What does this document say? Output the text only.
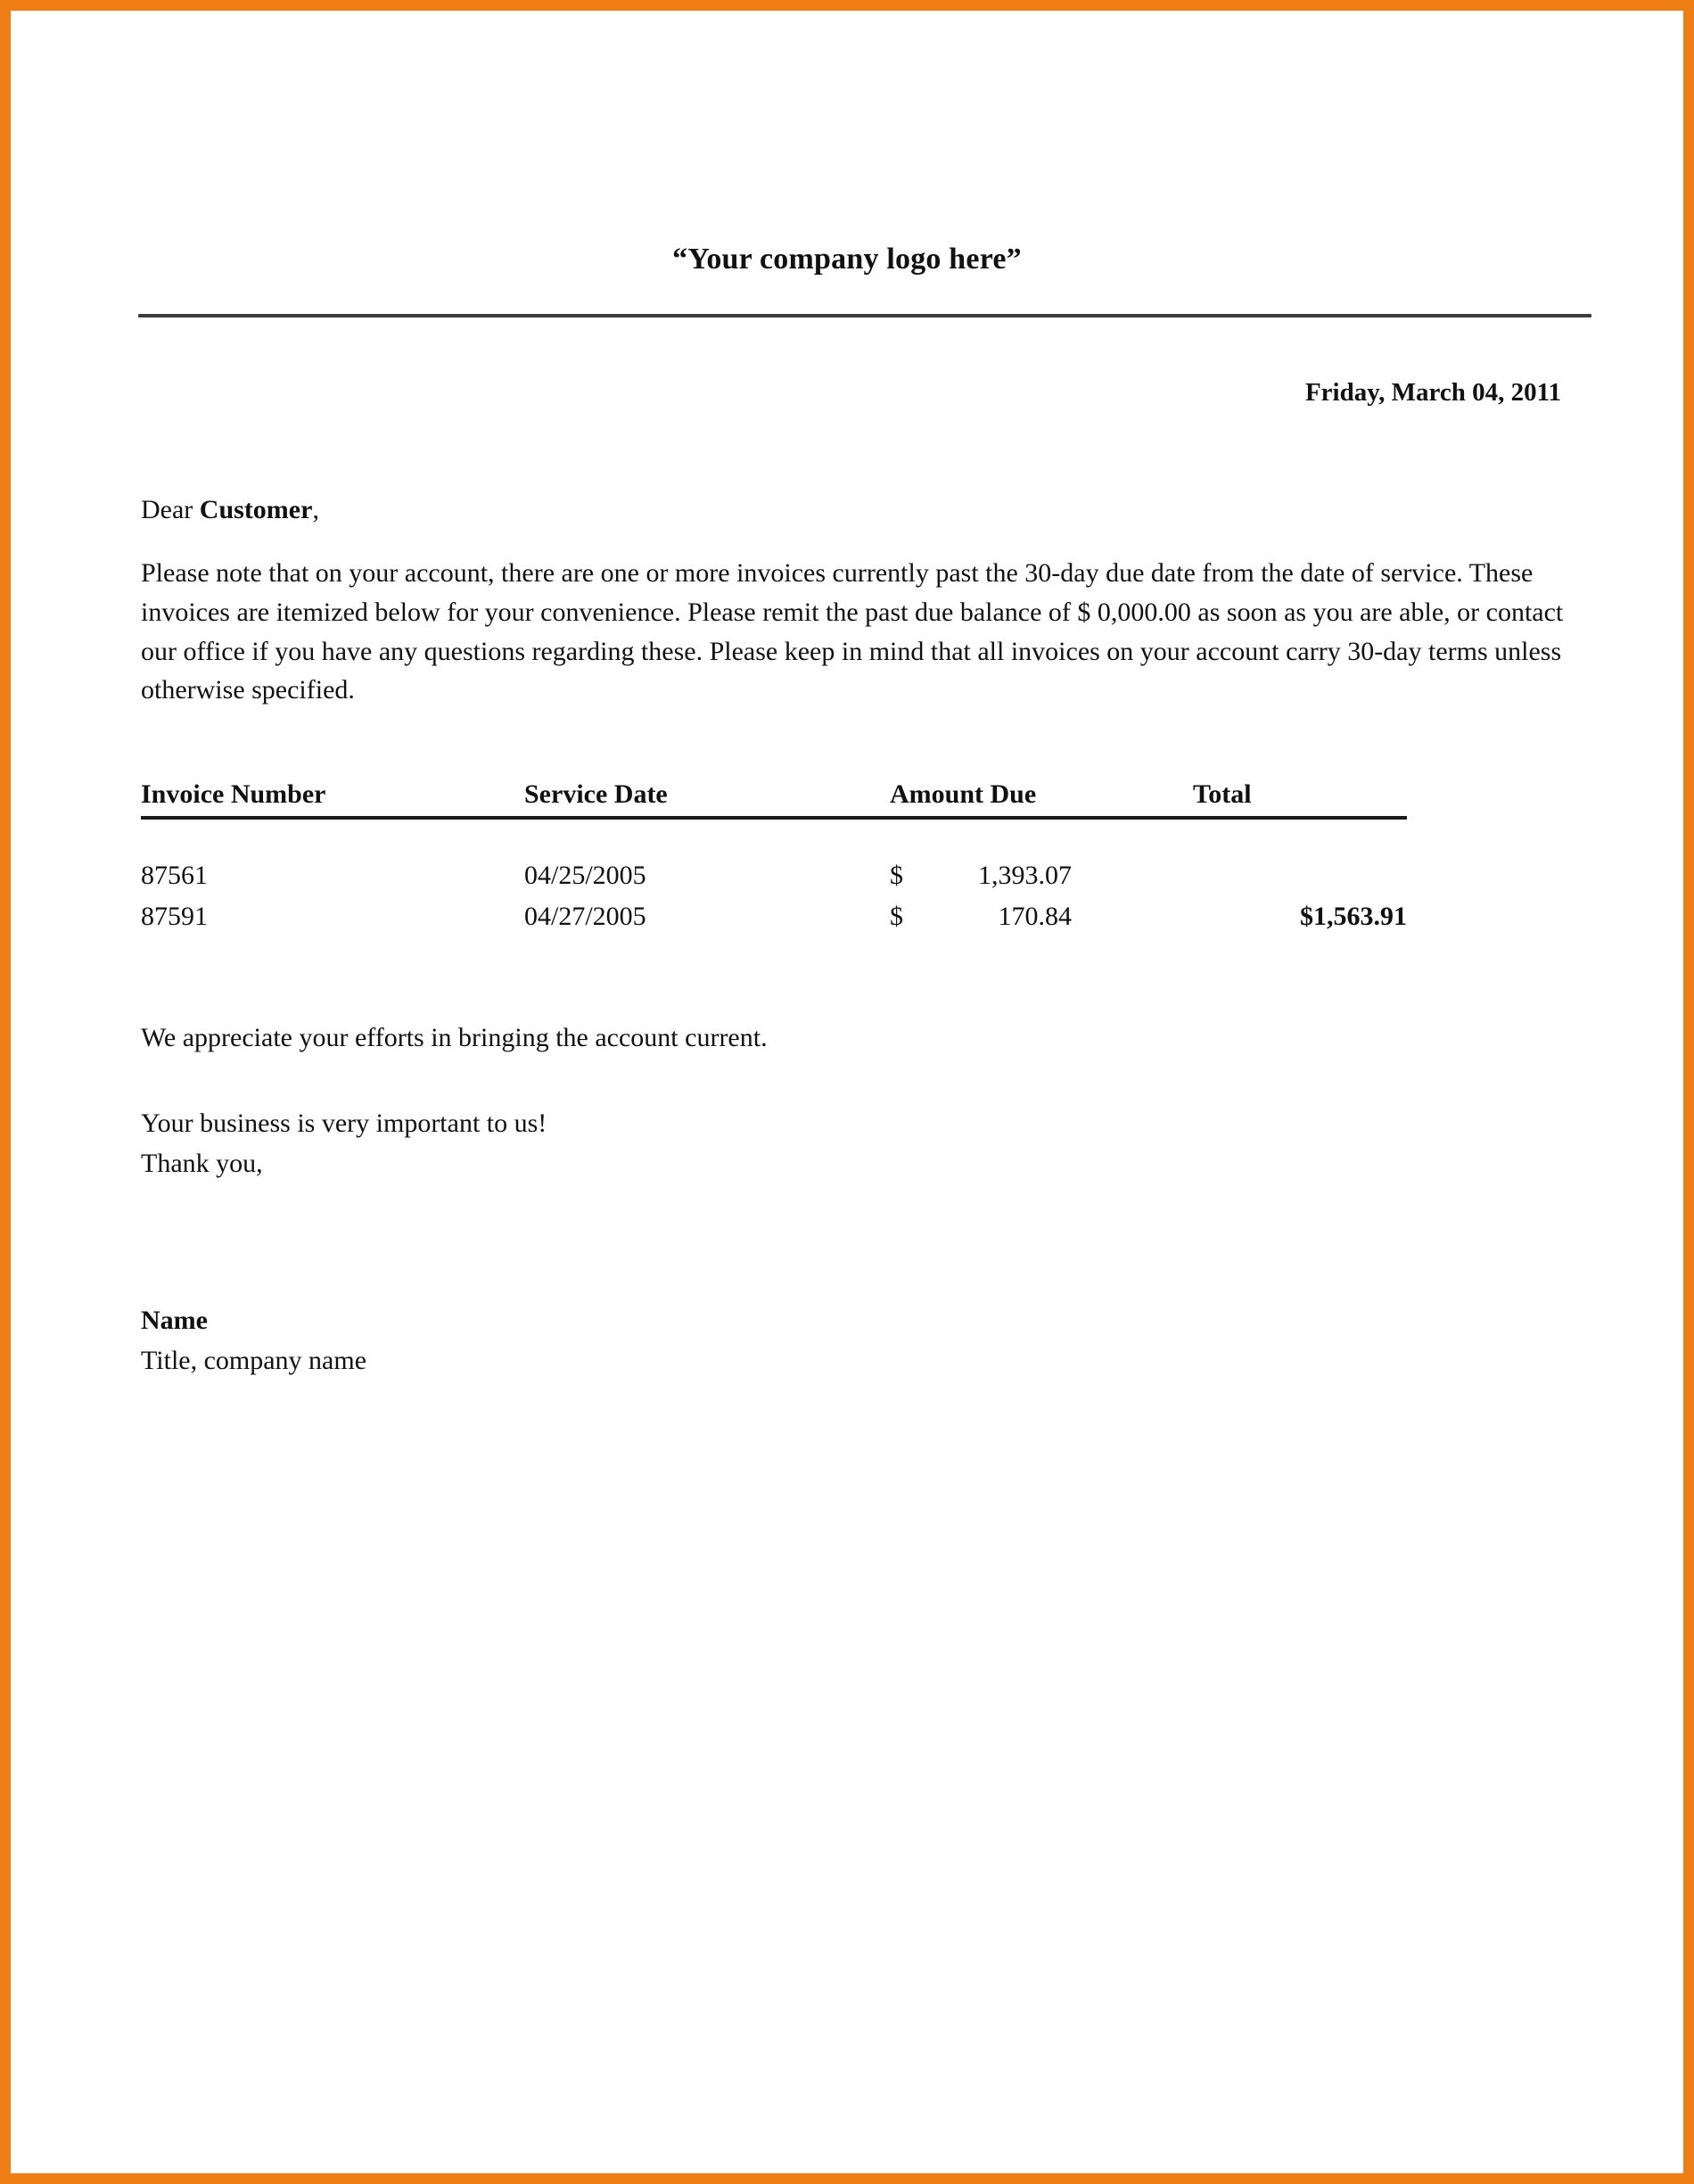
“Your company logo here”
Friday, March 04, 2011
Dear Customer,
Please note that on your account, there are one or more invoices currently past the 30-day due date from the date of service. These invoices are itemized below for your convenience. Please remit the past due balance of $ 0,000.00 as soon as you are able, or contact our office if you have any questions regarding these. Please keep in mind that all invoices on your account carry 30-day terms unless otherwise specified.
Invoice Number	Service Date	Amount Due	Total

87561	04/25/2005	$ 1,393.07	
87591	04/27/2005	$ 170.84	$1,563.91
We appreciate your efforts in bringing the account current.
Your business is very important to us!
Thank you,
Name
Title, company name
